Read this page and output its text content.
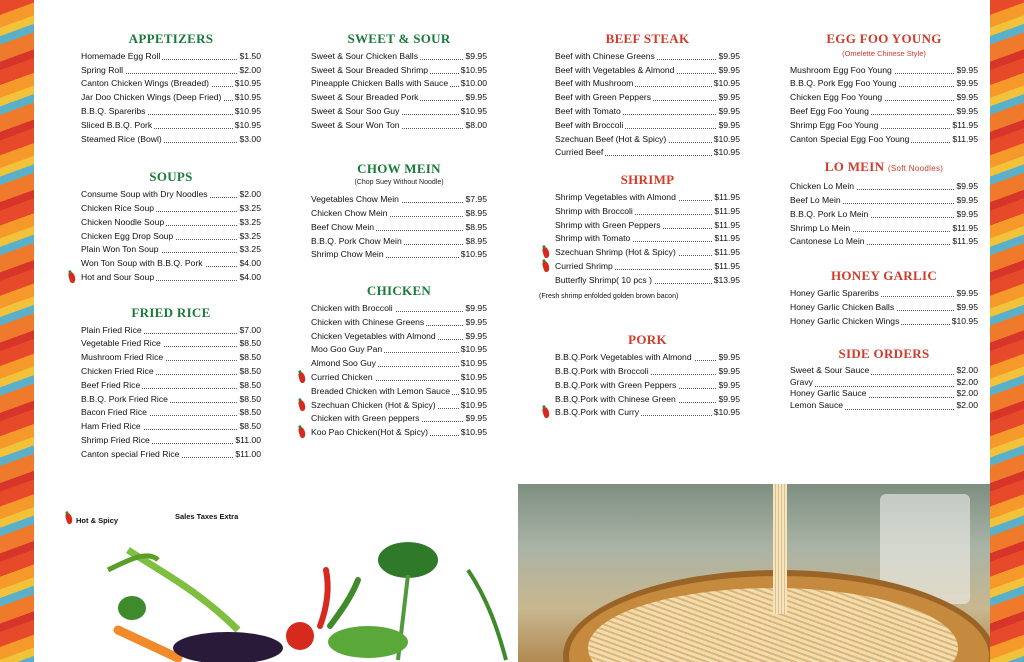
APPETIZERS
Homemade Egg Roll	$1.50
Spring Roll	$2.00
Canton Chicken Wings (Breaded)	$10.95
Jar Doo Chicken Wings (Deep Fried) $10.95
B.B.Q. Spareribs	$10.95
Sliced B.B.Q. Pork	$10.95
Steamed Rice (Bowl)	$3.00
SOUPS
Consume Soup with Dry Noodles	$2.00
Chicken Rice Soup	$3.25
Chicken Noodle Soup	$3.25
Chicken Egg Drop Soup	$3.25
Plain Won Ton Soup	$3.25
Won Ton Soup with B.B.Q. Pork	$4.00
Hot and Sour Soup	$4.00
FRIED RICE
Plain Fried Rice	$7.00
Vegetable Fried Rice	$8.50
Mushroom Fried Rice	$8.50
Chicken Fried Rice	$8.50
Beef Fried Rice	$8.50
B.B.Q. Pork Fried Rice	$8.50
Bacon Fried Rice	$8.50
Ham Fried Rice	$8.50
Shrimp Fried Rice	$11.00
Canton special Fried Rice	$11.00
SWEET & SOUR
Sweet & Sour Chicken Balls	$9.95
Sweet & Sour Breaded Shrimp	$10.95
Pineapple Chicken Balls with Sauce $10.00
Sweet & Sour Breaded Pork	$9.95
Sweet & Sour Soo Guy	$10.95
Sweet & Sour Won Ton	$8.00
CHOW MEIN
(Chop Suey Without Noodle)
Vegetables Chow Mein	$7.95
Chicken Chow Mein	$8.95
Beef Chow Mein	$8.95
B.B.Q. Pork Chow Mein	$8.95
Shrimp Chow Mein	$10.95
CHICKEN
Chicken with Broccoli	$9.95
Chicken with Chinese Greens	$9.95
Chicken Vegetables with Almond	$9.95
Moo Goo Guy Pan	$10.95
Almond Soo Guy	$10.95
Curried Chicken	$10.95
Breaded Chicken with Lemon Sauce $10.95
Szechuan Chicken (Hot & Spicy)	$10.95
Chicken with Green peppers	$9.95
Koo Pao Chicken(Hot & Spicy)	$10.95
BEEF STEAK
Beef with Chinese Greens	$9.95
Beef with Vegetables & Almond	$9.95
Beef with Mushroom	$10.95
Beef with Green Peppers	$9.95
Beef with Tomato	$9.95
Beef with Broccoli	$9.95
Szechuan Beef (Hot & Spicy)	$10.95
Curried Beef	$10.95
SHRIMP
Shrimp Vegetables with Almond	$11.95
Shrimp with Broccoli	$11.95
Shrimp with Green Peppers	$11.95
Shrimp with Tomato	$11.95
Szechuan Shrimp (Hot & Spicy)	$11.95
Curried Shrimp	$11.95
Butterfly Shrimp( 10 pcs )	$13.95
(Fresh shrimp enfolded golden brown bacon)
PORK
B.B.Q.Pork Vegetables with Almond	$9.95
B.B.Q.Pork with Broccoli	$9.95
B.B.Q.Pork with Green Peppers	$9.95
B.B.Q.Pork with Chinese Green	$9.95
B.B.Q.Pork with Curry	$10.95
EGG FOO YOUNG
(Omelette Chinese Style)
Mushroom Egg Foo Young	$9.95
B.B.Q. Pork Egg Foo Young	$9.95
Chicken Egg Foo Young	$9.95
Beef Egg Foo Young	$9.95
Shrimp Egg Foo Young	$11.95
Canton Special Egg Foo Young	$11.95
LO MEIN (Soft Noodles)
Chicken Lo Mein	$9.95
Beef Lo Mein	$9.95
B.B.Q. Pork Lo Mein	$9.95
Shrimp Lo Mein	$11.95
Cantonese Lo Mein	$11.95
HONEY GARLIC
Honey Garlic Spareribs	$9.95
Honey Garlic Chicken Balls	$9.95
Honey Garlic Chicken Wings	$10.95
SIDE ORDERS
Sweet & Sour Sauce	$2.00
Gravy	$2.00
Honey Garlic Sauce	$2.00
Lemon Sauce	$2.00
Hot & Spicy	Sales Taxes Extra
